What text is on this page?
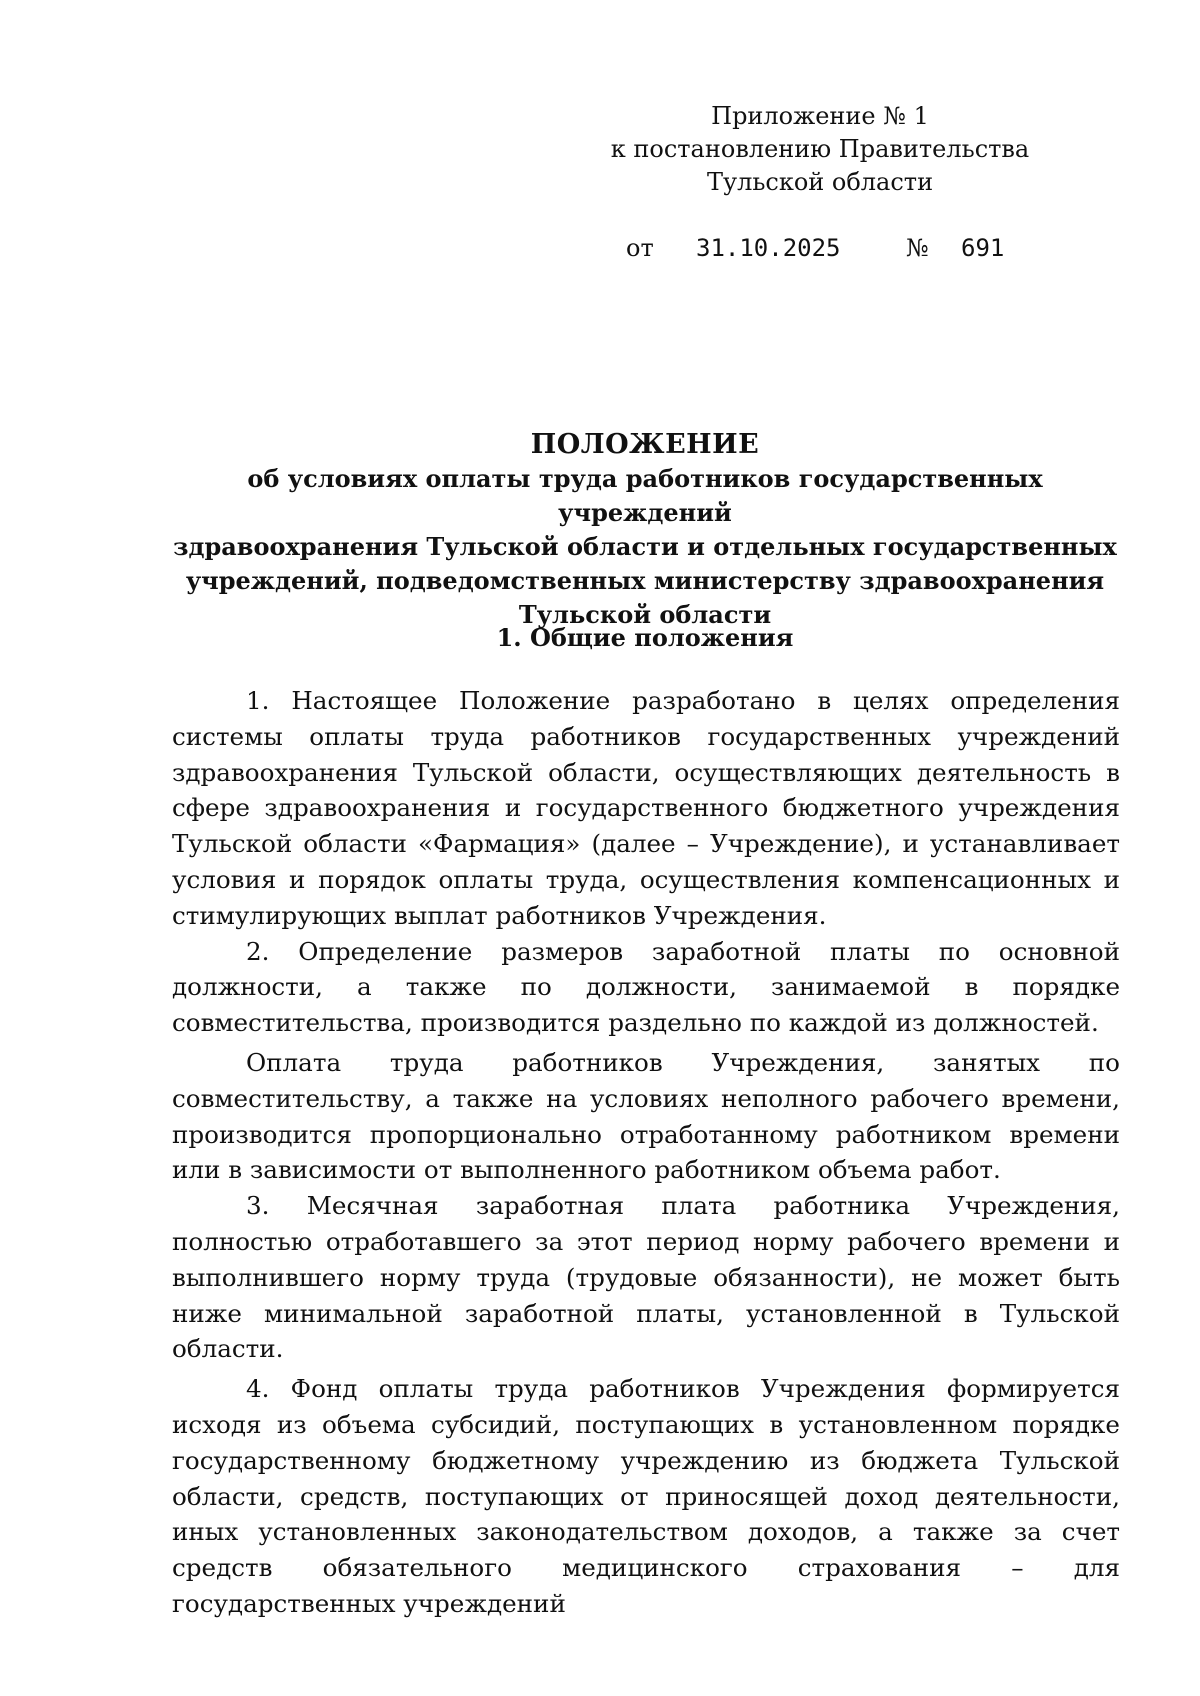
Приложение № 1
к постановлению Правительства
Тульской области
от 31.10.2025	№ 691
ПОЛОЖЕНИЕ
об условиях оплаты труда работников государственных учреждений
здравоохранения Тульской области и отдельных государственных
учреждений, подведомственных министерству здравоохранения
Тульской области
1. Общие положения

1. Настоящее Положение разработано в целях определения системы оплаты труда работников государственных учреждений здравоохранения Тульской области, осуществляющих деятельность в сфере здравоохранения и государственного бюджетного учреждения Тульской области «Фармация» (далее – Учреждение), и устанавливает условия и порядок оплаты труда, осуществления компенсационных и стимулирующих выплат работников Учреждения.

2. Определение размеров заработной платы по основной должности, а также по должности, занимаемой в порядке совместительства, производится раздельно по каждой из должностей.

Оплата труда работников Учреждения, занятых по совместительству, а также на условиях неполного рабочего времени, производится пропорционально отработанному работником времени или в зависимости от выполненного работником объема работ.

3. Месячная заработная плата работника Учреждения, полностью отработавшего за этот период норму рабочего времени и выполнившего норму труда (трудовые обязанности), не может быть ниже минимальной заработной платы, установленной в Тульской области.

4. Фонд оплаты труда работников Учреждения формируется исходя из объема субсидий, поступающих в установленном порядке государственному бюджетному учреждению из бюджета Тульской области, средств, поступающих от приносящей доход деятельности, иных установленных законодательством доходов, а также за счет средств обязательного медицинского страхования – для государственных учреждений
